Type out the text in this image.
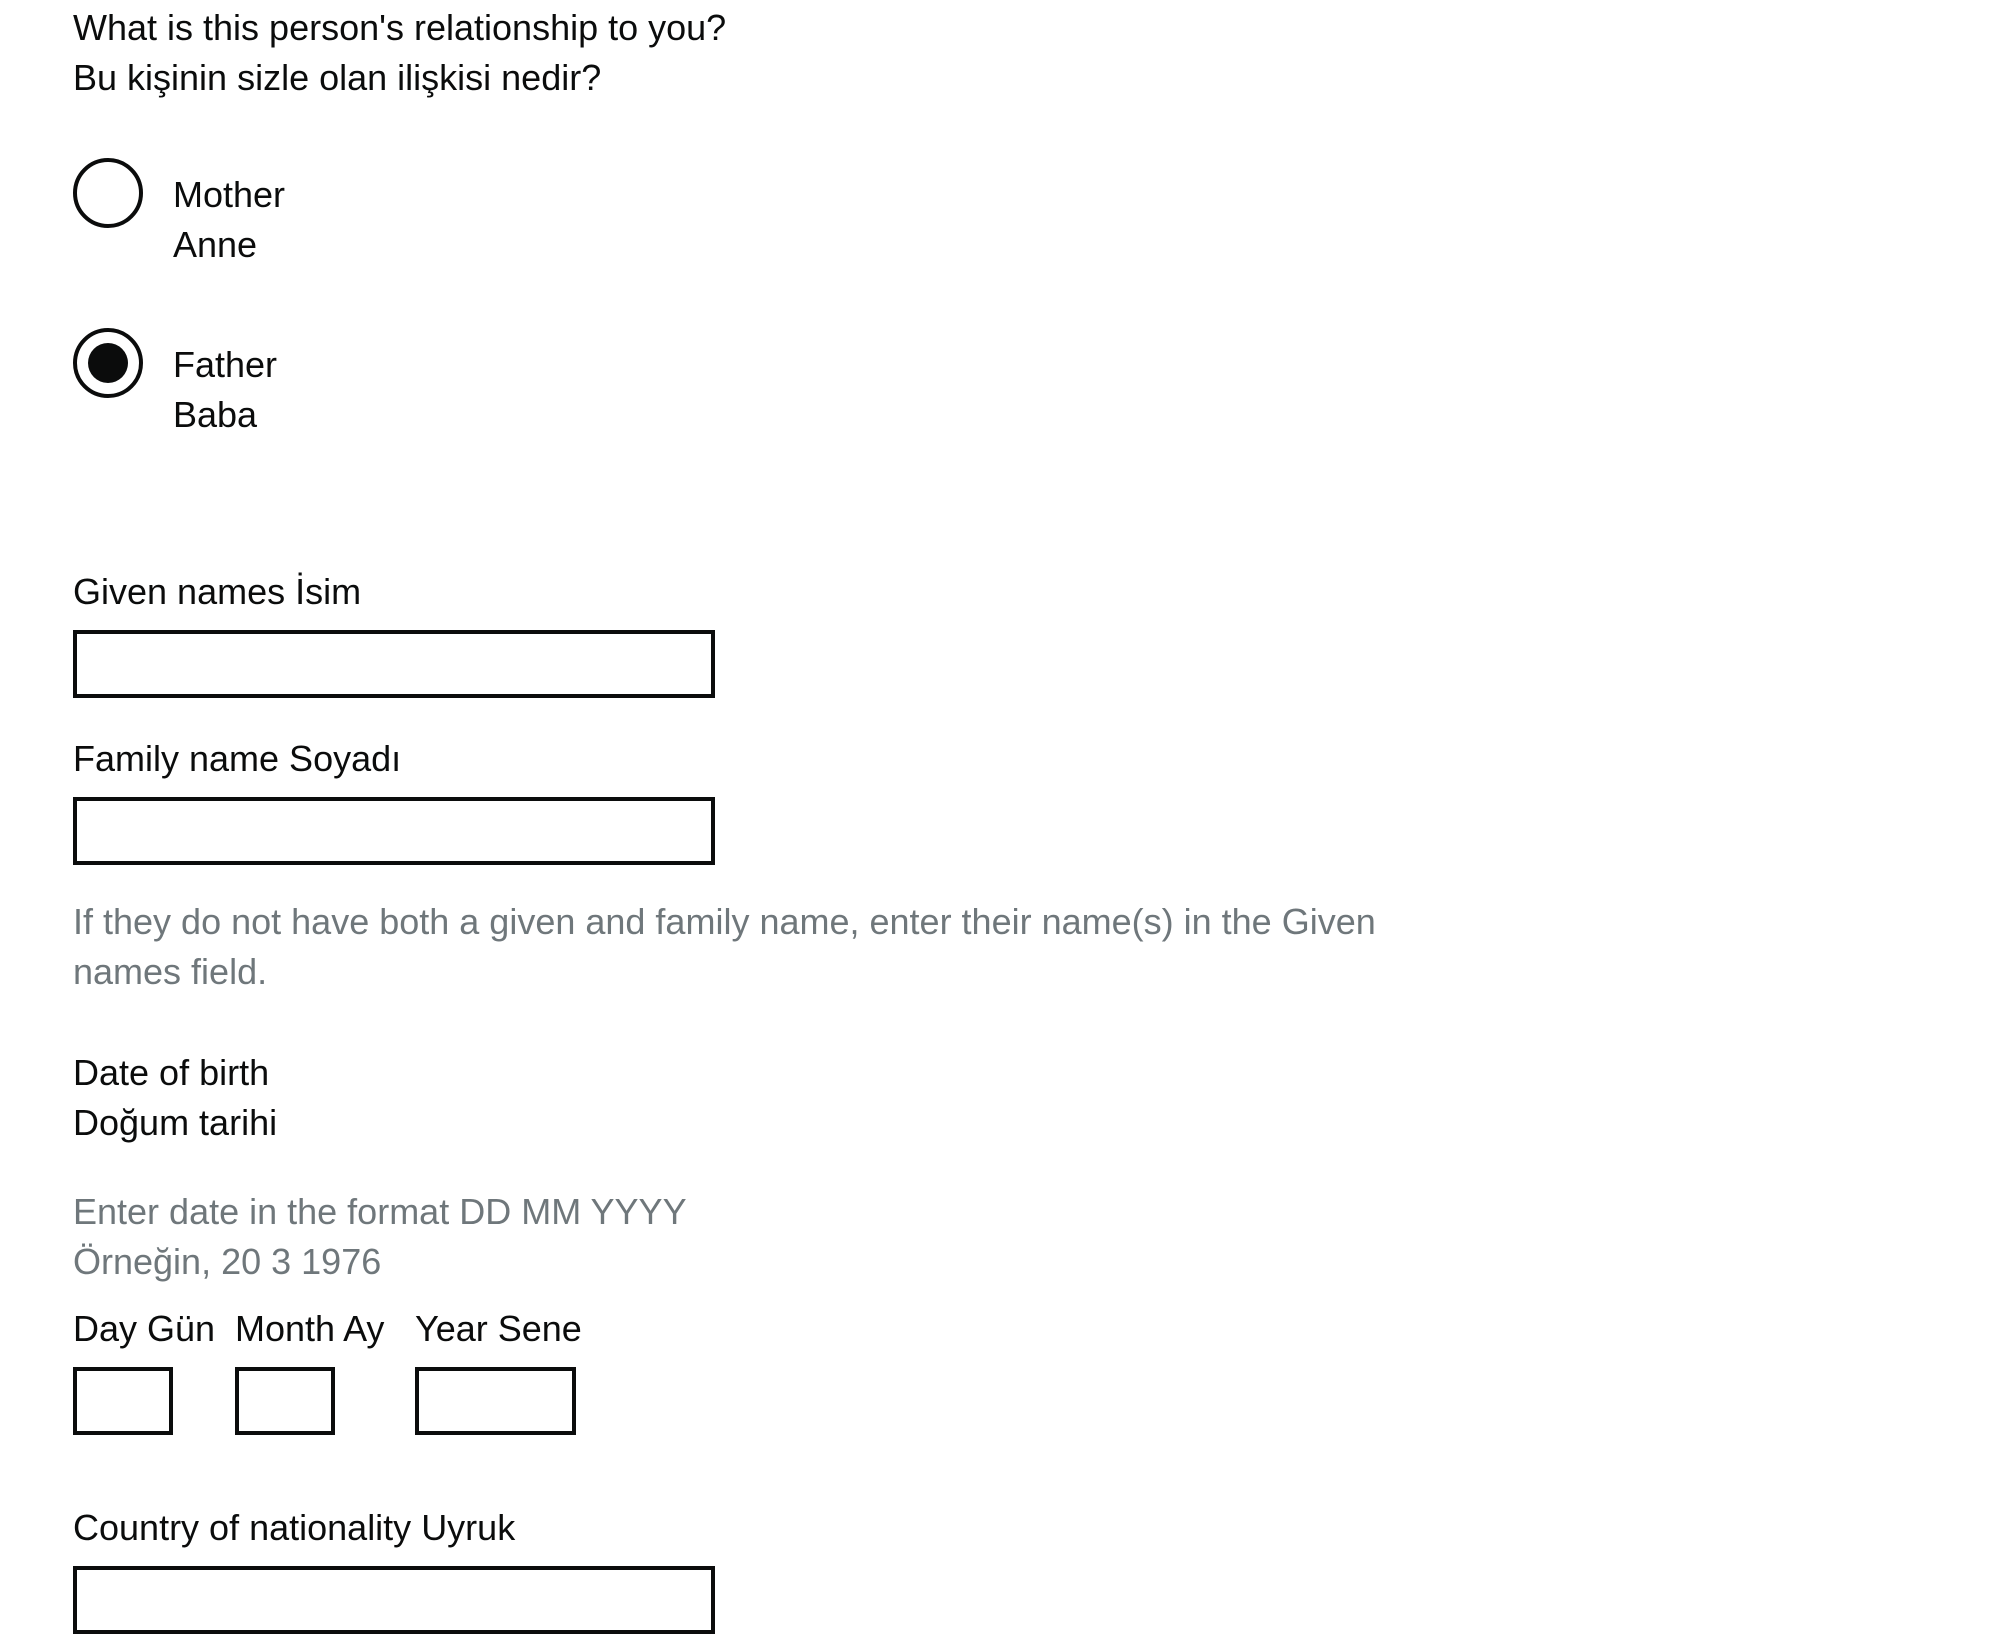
What is this person's relationship to you?
Bu kişinin sizle olan ilişkisi nedir?
Mother
Anne
Father
Baba
Given names İsim
Family name Soyadı
If they do not have both a given and family name, enter their name(s) in the Given
names field.
Date of birth
Doğum tarihi
Enter date in the format DD MM YYYY
Örneğin, 20 3 1976
Day Gün Month Ay Year Sene
Country of nationality Uyruk
